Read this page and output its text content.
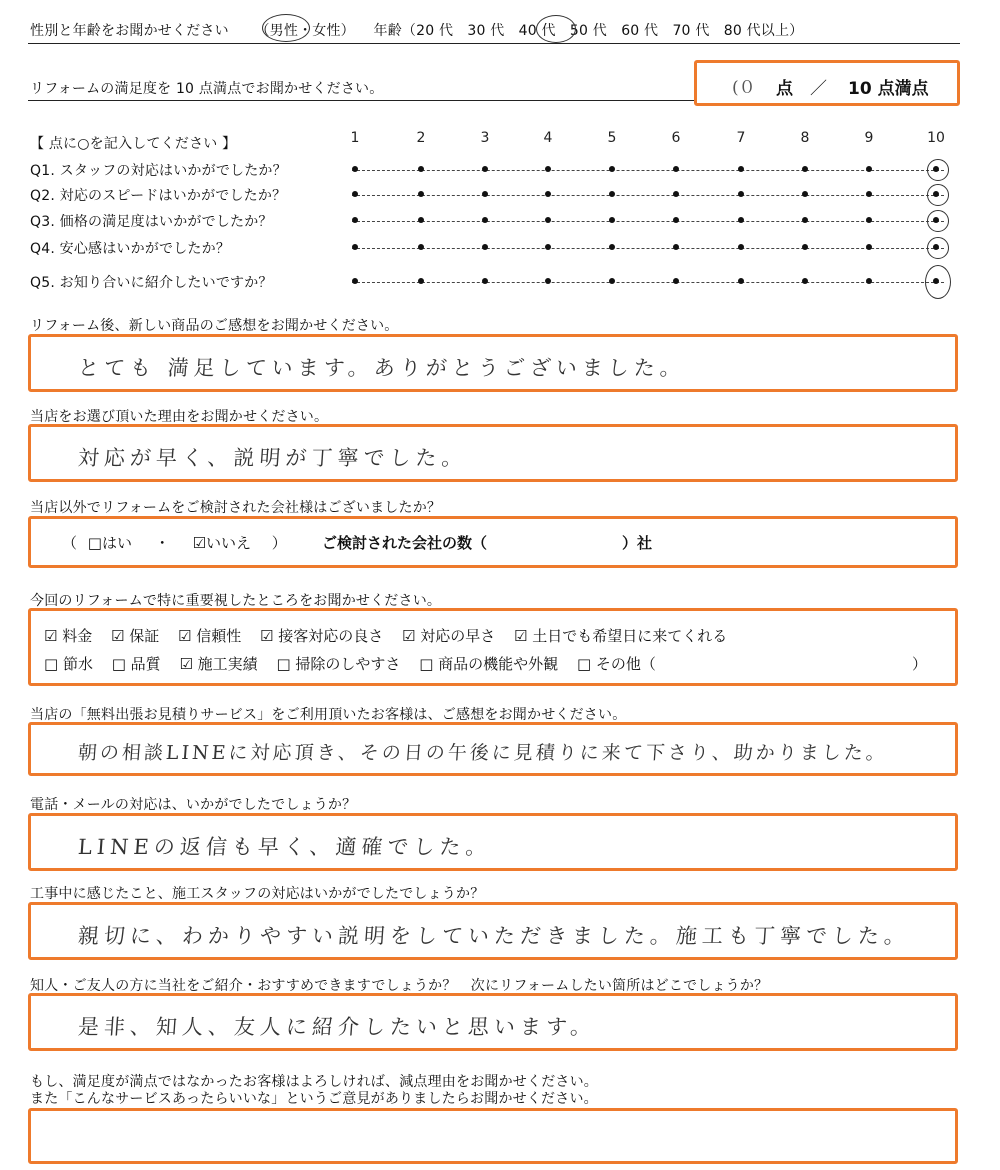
性別と年齢をお聞かせください （男性・女性） 年齢（20 代　30 代　40 代　50 代　60 代　70 代　80 代以上）
リフォームの満足度を 10 点満点でお聞かせください。	(０ 点 ／ 10 点満点
【 点に○を記入してください 】	1	2	3	4	5	6	7	8	9	10
Q1. スタッフの対応はいかがでしたか？
Q2. 対応のスピードはいかがでしたか？
Q3. 価格の満足度はいかがでしたか？
Q4. 安心感はいかがでしたか？
Q5. お知り合いに紹介したいですか？
リフォーム後、新しい商品のご感想をお聞かせください。
とても 満足しています。ありがとうございました。
当店をお選び頂いた理由をお聞かせください。
対応が早く、説明が丁寧でした。
当店以外でリフォームをご検討された会社様はございましたか？
（ □はい ・ ☑いいえ ） ご検討された会社の数（	）社
今回のリフォームで特に重要視したところをお聞かせください。
☑ 料金 ☑ 保証 ☑ 信頼性 ☑ 接客対応の良さ ☑ 対応の早さ ☑ 土日でも希望日に来てくれる
□ 節水 □ 品質 ☑ 施工実績 □ 掃除のしやすさ □ 商品の機能や外観 □ その他（	）
当店の「無料出張お見積りサービス」をご利用頂いたお客様は、ご感想をお聞かせください。
朝の相談LINEに対応頂き、その日の午後に見積りに来て下さり、助かりました。
電話・メールの対応は、いかがでしたでしょうか？
LINEの返信も早く、適確でした。
工事中に感じたこと、施工スタッフの対応はいかがでしたでしょうか？
親切に、わかりやすい説明をしていただきました。施工も丁寧でした。
知人・ご友人の方に当社をご紹介・おすすめできますでしょうか？　次にリフォームしたい箇所はどこでしょうか？
是非、知人、友人に紹介したいと思います。
もし、満足度が満点ではなかったお客様はよろしければ、減点理由をお聞かせください。
また「こんなサービスあったらいいな」というご意見がありましたらお聞かせください。
